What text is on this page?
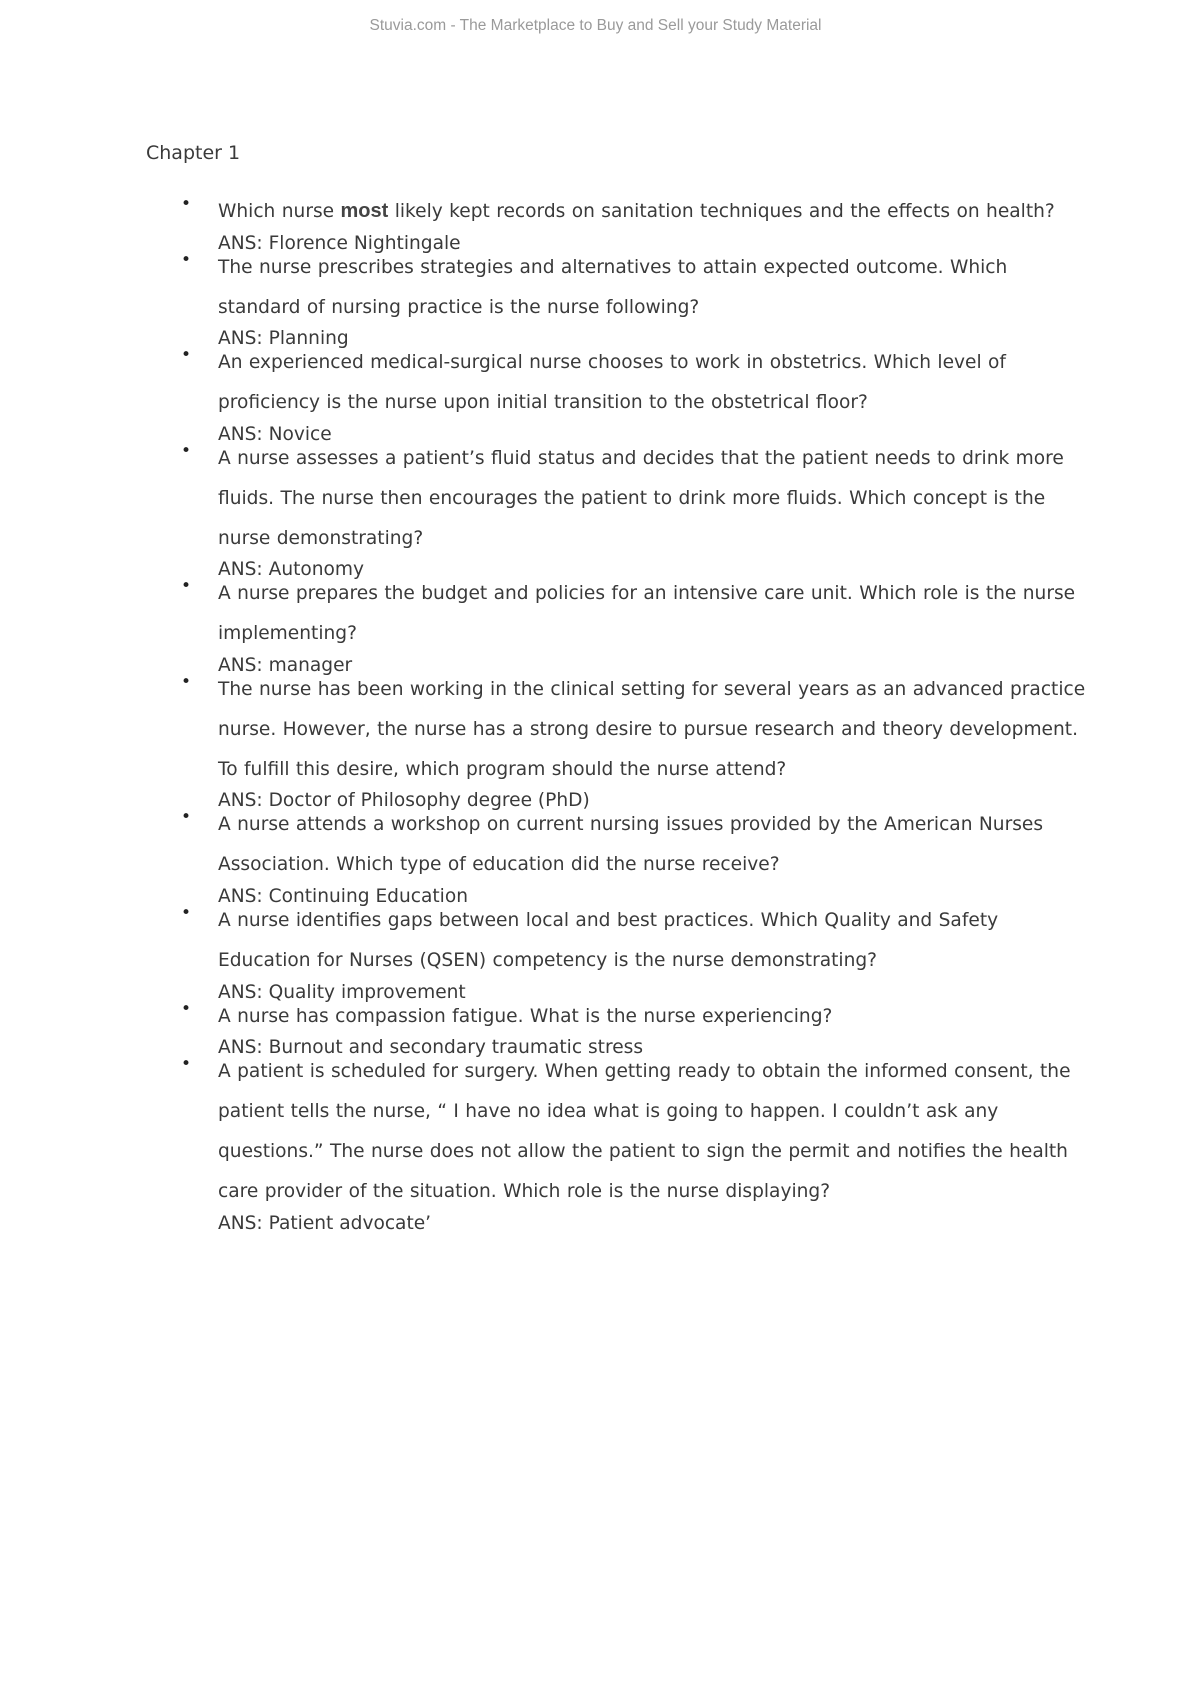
Stuvia.com - The Marketplace to Buy and Sell your Study Material
Chapter 1
• Which nurse most likely kept records on sanitation techniques and the effects on health?

ANS: Florence Nightingale

• The nurse prescribes strategies and alternatives to attain expected outcome. Which standard of nursing practice is the nurse following?

ANS: Planning

• An experienced medical-surgical nurse chooses to work in obstetrics. Which level of proficiency is the nurse upon initial transition to the obstetrical floor?

ANS: Novice

• A nurse assesses a patient’s fluid status and decides that the patient needs to drink more fluids. The nurse then encourages the patient to drink more fluids. Which concept is the nurse demonstrating?

ANS: Autonomy

• A nurse prepares the budget and policies for an intensive care unit. Which role is the nurse implementing?

ANS: manager

• The nurse has been working in the clinical setting for several years as an advanced practice nurse. However, the nurse has a strong desire to pursue research and theory development. To fulfill this desire, which program should the nurse attend?

ANS: Doctor of Philosophy degree (PhD)

• A nurse attends a workshop on current nursing issues provided by the American Nurses Association. Which type of education did the nurse receive?

ANS: Continuing Education

• A nurse identifies gaps between local and best practices. Which Quality and Safety Education for Nurses (QSEN) competency is the nurse demonstrating?

ANS: Quality improvement

• A nurse has compassion fatigue. What is the nurse experiencing?

ANS: Burnout and secondary traumatic stress

• A patient is scheduled for surgery. When getting ready to obtain the informed consent, the patient tells the nurse, “ I have no idea what is going to happen. I couldn’t ask any questions.” The nurse does not allow the patient to sign the permit and notifies the health care provider of the situation. Which role is the nurse displaying?

ANS: Patient advocate’
